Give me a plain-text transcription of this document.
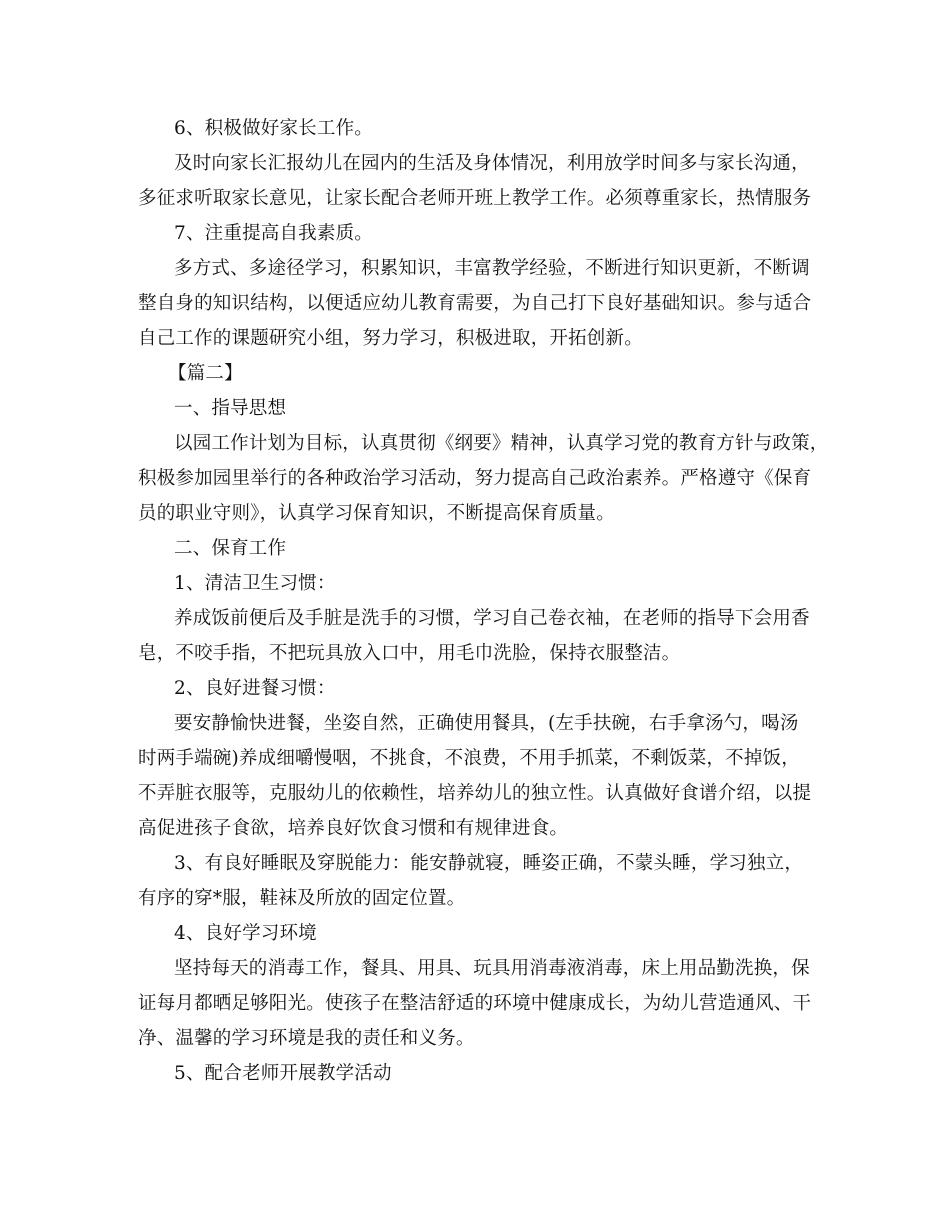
6、积极做好家长工作。
及时向家长汇报幼儿在园内的生活及身体情况，利用放学时间多与家长沟通，
多征求听取家长意见，让家长配合老师开班上教学工作。必须尊重家长，热情服务
7、注重提高自我素质。
多方式、多途径学习，积累知识，丰富教学经验，不断进行知识更新，不断调
整自身的知识结构，以便适应幼儿教育需要，为自己打下良好基础知识。参与适合
自己工作的课题研究小组，努力学习，积极进取，开拓创新。
【篇二】
一、指导思想
以园工作计划为目标，认真贯彻《纲要》精神，认真学习党的教育方针与政策，
积极参加园里举行的各种政治学习活动，努力提高自己政治素养。严格遵守《保育
员的职业守则》，认真学习保育知识，不断提高保育质量。
二、保育工作
1、清洁卫生习惯：
养成饭前便后及手脏是洗手的习惯，学习自己卷衣袖，在老师的指导下会用香
皂，不咬手指，不把玩具放入口中，用毛巾洗脸，保持衣服整洁。
2、良好进餐习惯：
要安静愉快进餐，坐姿自然，正确使用餐具，(左手扶碗，右手拿汤勺，喝汤
时两手端碗)养成细嚼慢咽，不挑食，不浪费，不用手抓菜，不剩饭菜，不掉饭，
不弄脏衣服等，克服幼儿的依赖性，培养幼儿的独立性。认真做好食谱介绍，以提
高促进孩子食欲，培养良好饮食习惯和有规律进食。
3、有良好睡眠及穿脱能力：能安静就寝，睡姿正确，不蒙头睡，学习独立，
有序的穿*服，鞋袜及所放的固定位置。
4、良好学习环境
坚持每天的消毒工作，餐具、用具、玩具用消毒液消毒，床上用品勤洗换，保
证每月都晒足够阳光。使孩子在整洁舒适的环境中健康成长，为幼儿营造通风、干
净、温馨的学习环境是我的责任和义务。
5、配合老师开展教学活动
